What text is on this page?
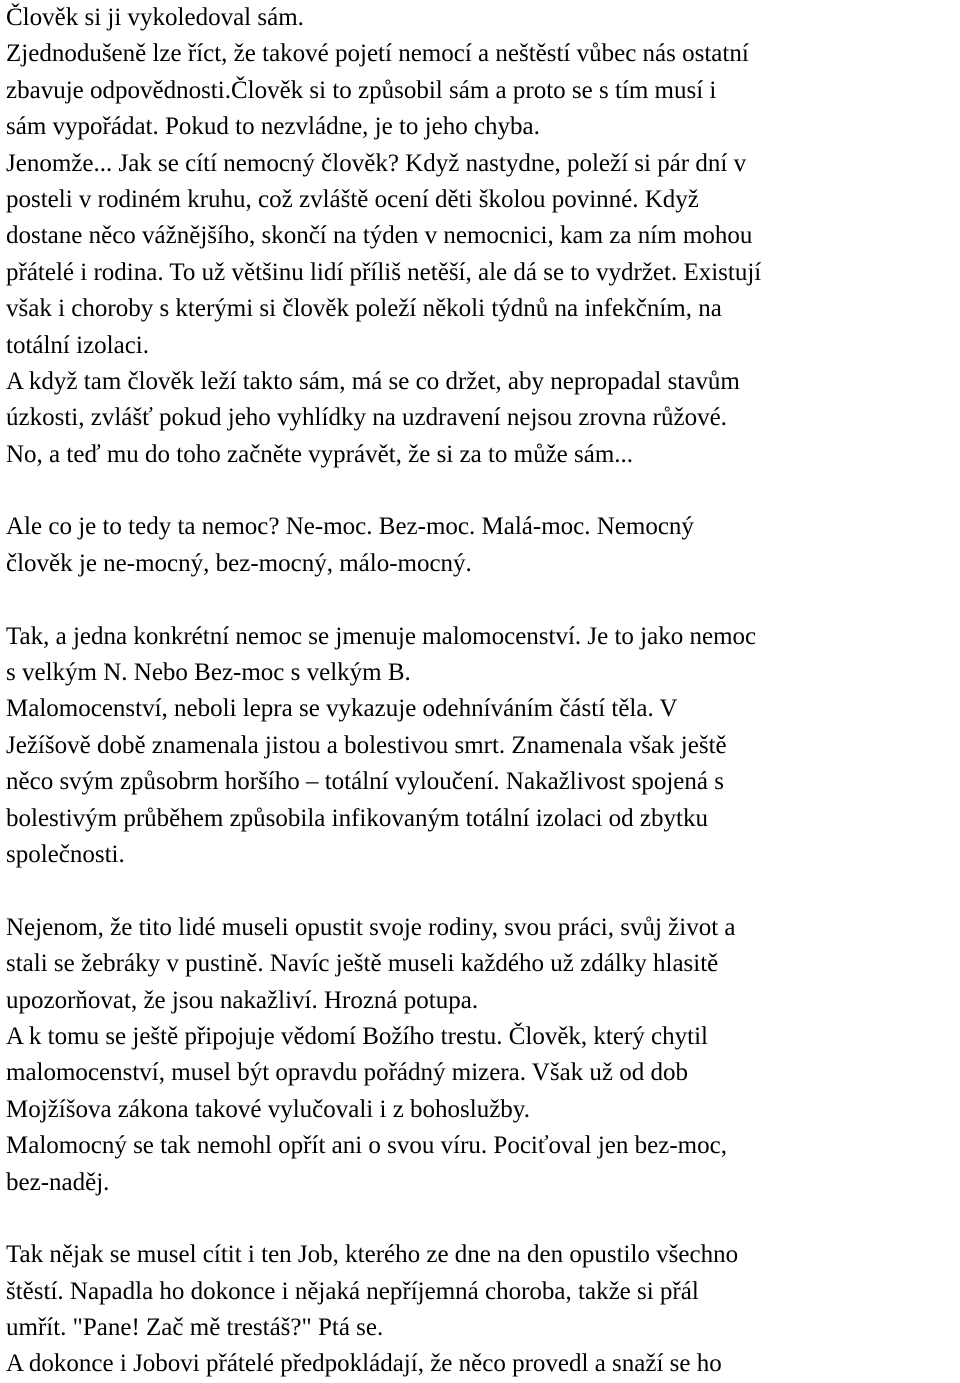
Člověk si ji vykoledoval sám.

Zjednodušeně lze říct, že takové pojetí nemocí a neštěstí vůbec nás ostatní
zbavuje odpovědnosti.Člověk si to způsobil sám a proto se s tím musí i
sám vypořádat. Pokud to nezvládne, je to jeho chyba.

Jenomže... Jak se cítí nemocný člověk? Když nastydne, poleží si pár dní v
posteli v rodiném kruhu, což zvláště ocení děti školou povinné. Když
dostane něco vážnějšího, skončí na týden v nemocnici, kam za ním mohou
přátelé i rodina. To už většinu lidí příliš netěší, ale dá se to vydržet. Existují
však i choroby s kterými si člověk poleží několi týdnů na infekčním, na
totální izolaci.

A když tam člověk leží takto sám, má se co držet, aby nepropadal stavům
úzkosti, zvlášť pokud jeho vyhlídky na uzdravení nejsou zrovna růžové.
No, a teď mu do toho začněte vyprávět, že si za to může sám...

Ale co je to tedy ta nemoc? Ne-moc. Bez-moc. Malá-moc. Nemocný
člověk je ne-mocný, bez-mocný, málo-mocný.

Tak, a jedna konkrétní nemoc se jmenuje malomocenství. Je to jako nemoc
s velkým N. Nebo Bez-moc s velkým B.

Malomocenství, neboli lepra se vykazuje odehníváním částí těla. V
Ježíšově době znamenala jistou a bolestivou smrt. Znamenala však ještě
něco svým způsobrm horšího – totální vyloučení. Nakažlivost spojená s
bolestivým průběhem způsobila infikovaným totální izolaci od zbytku
společnosti.

Nejenom, že tito lidé museli opustit svoje rodiny, svou práci, svůj život a
stali se žebráky v pustině. Navíc ještě museli každého už zdálky hlasitě
upozorňovat, že jsou nakažliví. Hrozná potupa.

A k tomu se ještě připojuje vědomí Božího trestu. Člověk, který chytil
malomocenství, musel být opravdu pořádný mizera. Však už od dob
Mojžíšova zákona takové vylučovali i z bohoslužby.

Malomocný se tak nemohl opřít ani o svou víru. Pociťoval jen bez-moc,
bez-naděj.

Tak nějak se musel cítit i ten Job, kterého ze dne na den opustilo všechno
štěstí. Napadla ho dokonce i nějaká nepříjemná choroba, takže si přál
umřít. "Pane! Zač mě trestáš?" Ptá se.

A dokonce i Jobovi přátelé předpokládají, že něco provedl a snaží se ho
